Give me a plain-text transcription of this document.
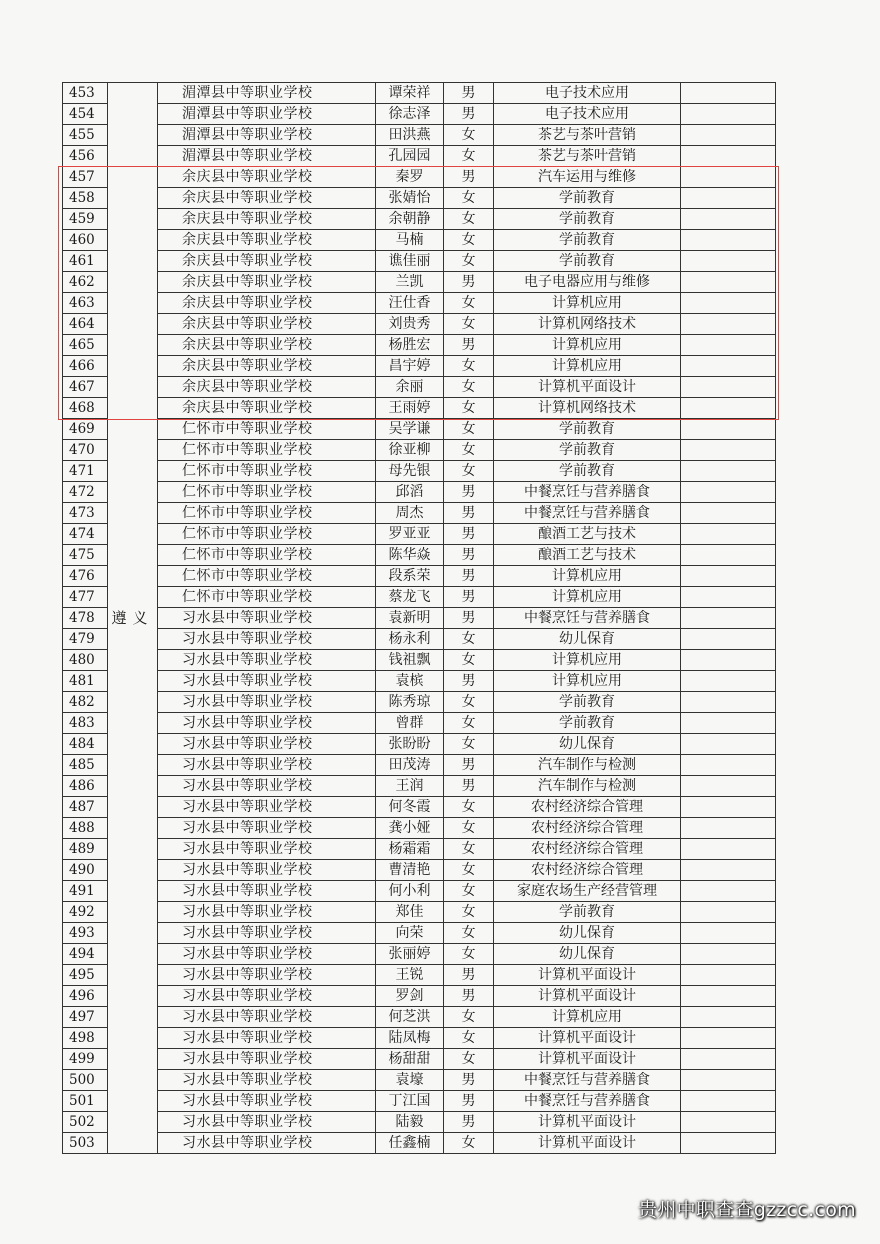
453	遵义	湄潭县中等职业学校	谭荣祥	男	电子技术应用	
454		湄潭县中等职业学校	徐志泽	男	电子技术应用	
455		湄潭县中等职业学校	田洪燕	女	茶艺与茶叶营销	
456		湄潭县中等职业学校	孔园园	女	茶艺与茶叶营销	
457		余庆县中等职业学校	秦罗	男	汽车运用与维修	
458		余庆县中等职业学校	张婧怡	女	学前教育	
459		余庆县中等职业学校	余朝静	女	学前教育	
460		余庆县中等职业学校	马楠	女	学前教育	
461		余庆县中等职业学校	谯佳丽	女	学前教育	
462		余庆县中等职业学校	兰凯	男	电子电器应用与维修	
463		余庆县中等职业学校	汪仕香	女	计算机应用	
464		余庆县中等职业学校	刘贵秀	女	计算机网络技术	
465		余庆县中等职业学校	杨胜宏	男	计算机应用	
466		余庆县中等职业学校	昌宇婷	女	计算机应用	
467		余庆县中等职业学校	余丽	女	计算机平面设计	
468		余庆县中等职业学校	王雨婷	女	计算机网络技术	
469		仁怀市中等职业学校	吴学谦	女	学前教育	
470		仁怀市中等职业学校	徐亚柳	女	学前教育	
471		仁怀市中等职业学校	母先银	女	学前教育	
472		仁怀市中等职业学校	邱滔	男	中餐烹饪与营养膳食	
473		仁怀市中等职业学校	周杰	男	中餐烹饪与营养膳食	
474		仁怀市中等职业学校	罗亚亚	男	酿酒工艺与技术	
475		仁怀市中等职业学校	陈华焱	男	酿酒工艺与技术	
476		仁怀市中等职业学校	段系荣	男	计算机应用	
477		仁怀市中等职业学校	蔡龙飞	男	计算机应用	
478		习水县中等职业学校	袁新明	男	中餐烹饪与营养膳食	
479		习水县中等职业学校	杨永利	女	幼儿保育	
480		习水县中等职业学校	钱祖飘	女	计算机应用	
481		习水县中等职业学校	袁槟	男	计算机应用	
482		习水县中等职业学校	陈秀琼	女	学前教育	
483		习水县中等职业学校	曾群	女	学前教育	
484		习水县中等职业学校	张盼盼	女	幼儿保育	
485		习水县中等职业学校	田茂涛	男	汽车制作与检测	
486		习水县中等职业学校	王润	男	汽车制作与检测	
487		习水县中等职业学校	何冬霞	女	农村经济综合管理	
488		习水县中等职业学校	龚小娅	女	农村经济综合管理	
489		习水县中等职业学校	杨霜霜	女	农村经济综合管理	
490		习水县中等职业学校	曹清艳	女	农村经济综合管理	
491		习水县中等职业学校	何小利	女	家庭农场生产经营管理	
492		习水县中等职业学校	郑佳	女	学前教育	
493		习水县中等职业学校	向荣	女	幼儿保育	
494		习水县中等职业学校	张丽婷	女	幼儿保育	
495		习水县中等职业学校	王锐	男	计算机平面设计	
496		习水县中等职业学校	罗剑	男	计算机平面设计	
497		习水县中等职业学校	何芝洪	女	计算机应用	
498		习水县中等职业学校	陆凤梅	女	计算机平面设计	
499		习水县中等职业学校	杨甜甜	女	计算机平面设计	
500		习水县中等职业学校	袁壕	男	中餐烹饪与营养膳食	
501		习水县中等职业学校	丁江国	男	中餐烹饪与营养膳食	
502		习水县中等职业学校	陆毅	男	计算机平面设计	
503		习水县中等职业学校	任鑫楠	女	计算机平面设计	
贵州中职查查gzzcc.com
